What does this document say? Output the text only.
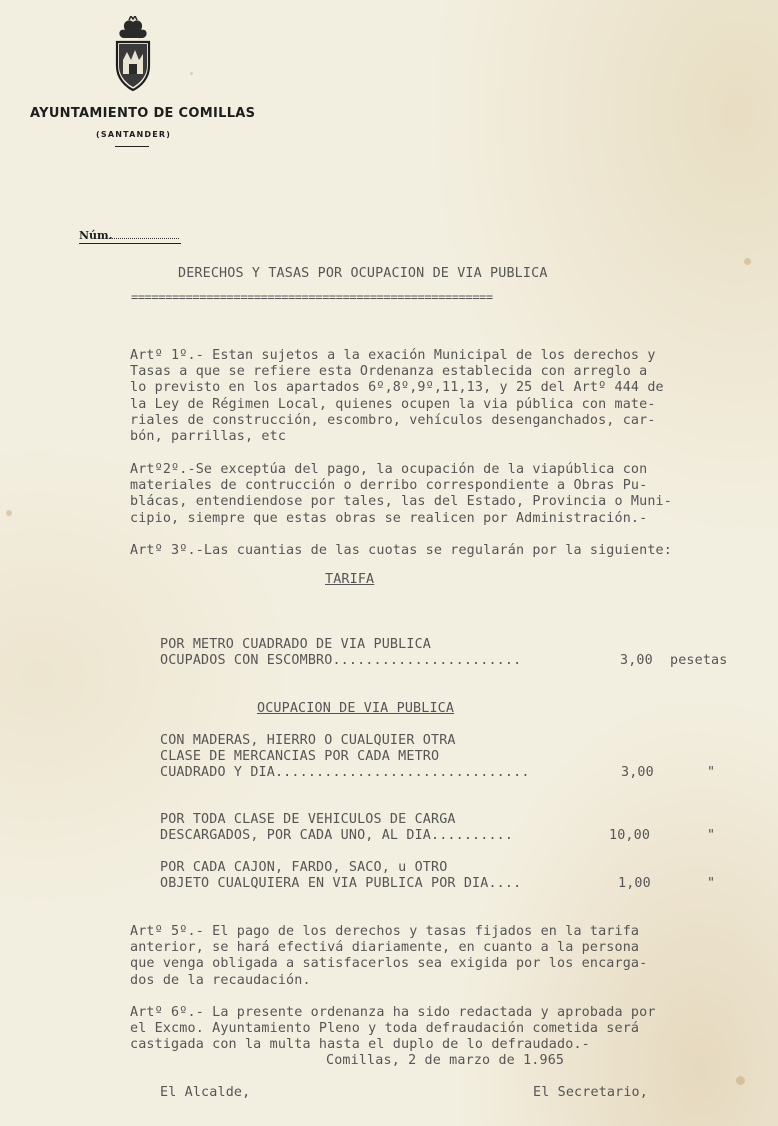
AYUNTAMIENTO DE COMILLAS
(SANTANDER)
Núm.
DERECHOS Y TASAS POR OCUPACION DE VIA PUBLICA
=====================================================
Artº 1º.- Estan sujetos a la exación Municipal de los derechos y
Tasas a que se refiere esta Ordenanza establecida con arreglo a
lo previsto en los apartados 6º,8º,9º,11,13, y 25 del Artº 444 de
la Ley de Régimen Local, quienes ocupen la via pública con mate-
riales de construcción, escombro, vehículos desenganchados, car-
bón, parrillas, etc
Artº2º.-Se exceptúa del pago, la ocupación de la viapública con
materiales de contrucción o derribo correspondiente a Obras Pu-
blácas, entendiendose por tales, las del Estado, Provincia o Muni-
cipio, siempre que estas obras se realicen por Administración.-
Artº 3º.-Las cuantias de las cuotas se regularán por la siguiente:
TARIFA
POR METRO CUADRADO DE VIA PUBLICA
OCUPADOS CON ESCOMBRO.......................	3,00 pesetas
OCUPACION DE VIA PUBLICA
CON MADERAS, HIERRO O CUALQUIER OTRA
CLASE DE MERCANCIAS POR CADA METRO
CUADRADO Y DIA...............................	3,00	"
POR TODA CLASE DE VEHICULOS DE CARGA
DESCARGADOS, POR CADA UNO, AL DIA..........	10,00	"
POR CADA CAJON, FARDO, SACO, u OTRO
OBJETO CUALQUIERA EN VIA PUBLICA POR DIA....	1,00	"
Artº 5º.- El pago de los derechos y tasas fijados en la tarifa
anterior, se hará efectivá diariamente, en cuanto a la persona
que venga obligada a satisfacerlos sea exigida por los encarga-
dos de la recaudación.
Artº 6º.- La presente ordenanza ha sido redactada y aprobada por
el Excmo. Ayuntamiento Pleno y toda defraudación cometida será
castigada con la multa hasta el duplo de lo defraudado.-
Comillas, 2 de marzo de 1.965
El Alcalde,	El Secretario,
